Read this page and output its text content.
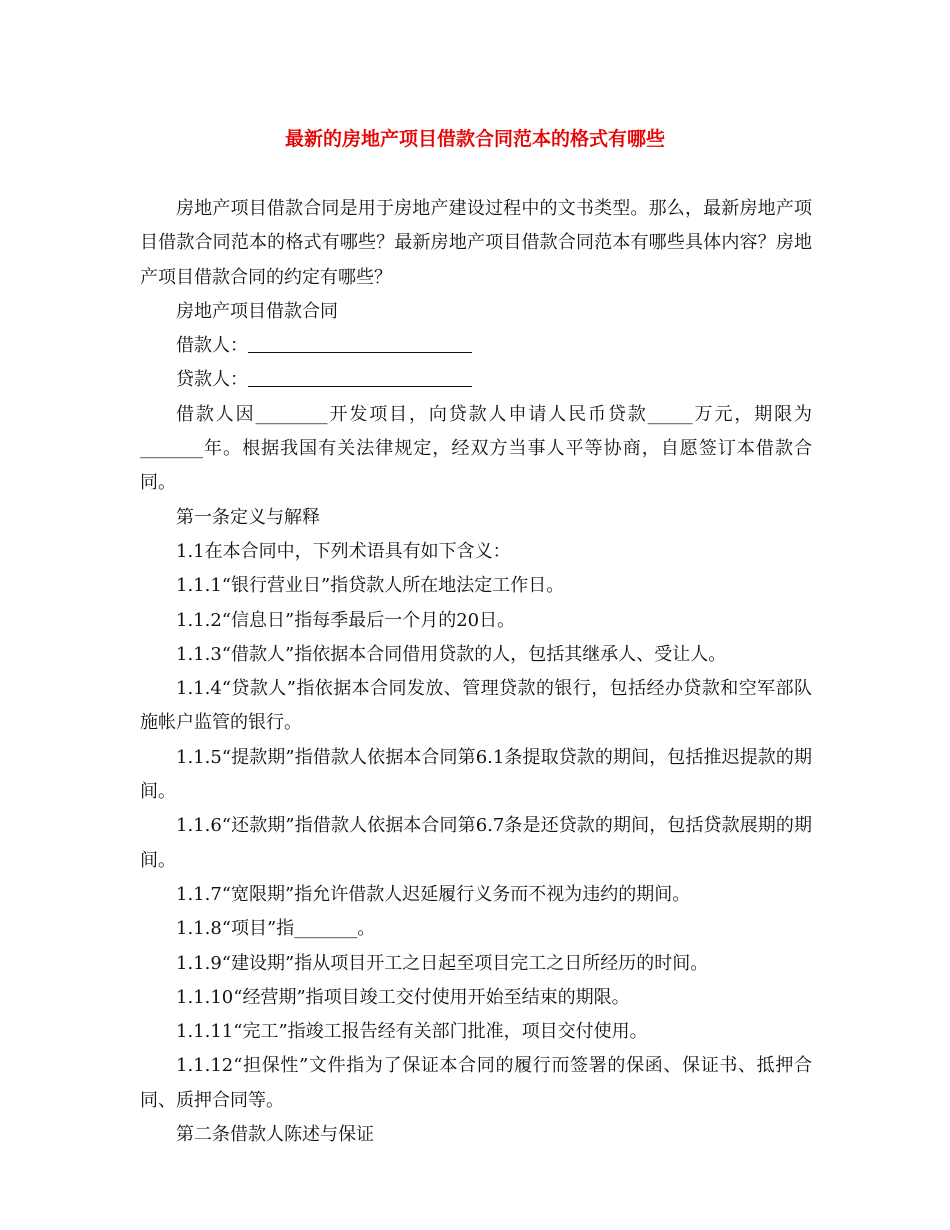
最新的房地产项目借款合同范本的格式有哪些

房地产项目借款合同是用于房地产建设过程中的文书类型。那么，最新房地产项目借款合同范本的格式有哪些？最新房地产项目借款合同范本有哪些具体内容？房地产项目借款合同的约定有哪些？

房地产项目借款合同

借款人：

贷款人：

借款人因________开发项目，向贷款人申请人民币贷款_____万元，期限为_______年。根据我国有关法律规定，经双方当事人平等协商，自愿签订本借款合同。

第一条定义与解释

1.1在本合同中，下列术语具有如下含义：

1.1.1“银行营业日”指贷款人所在地法定工作日。

1.1.2“信息日”指每季最后一个月的20日。

1.1.3“借款人”指依据本合同借用贷款的人，包括其继承人、受让人。

1.1.4“贷款人”指依据本合同发放、管理贷款的银行，包括经办贷款和空军部队施帐户监管的银行。

1.1.5“提款期”指借款人依据本合同第6.1条提取贷款的期间，包括推迟提款的期间。

1.1.6“还款期”指借款人依据本合同第6.7条是还贷款的期间，包括贷款展期的期间。

1.1.7“宽限期”指允许借款人迟延履行义务而不视为违约的期间。

1.1.8“项目”指_______。

1.1.9“建设期”指从项目开工之日起至项目完工之日所经历的时间。

1.1.10“经营期”指项目竣工交付使用开始至结束的期限。

1.1.11“完工”指竣工报告经有关部门批准，项目交付使用。

1.1.12“担保性”文件指为了保证本合同的履行而签署的保函、保证书、抵押合同、质押合同等。

第二条借款人陈述与保证
